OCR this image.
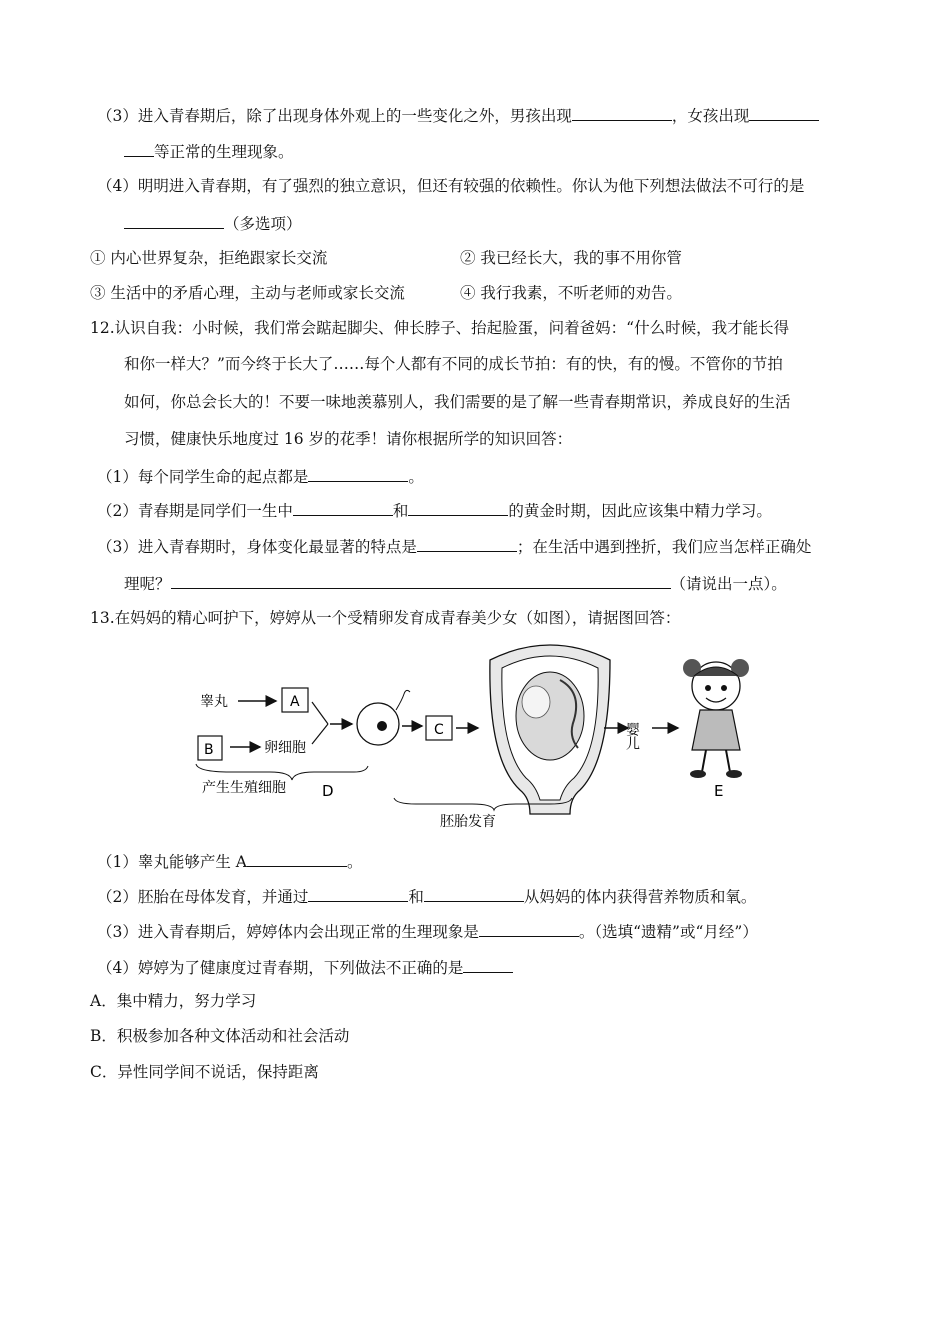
（3）进入青春期后，除了出现身体外观上的一些变化之外，男孩出现	，女孩出现
等正常的生理现象。
（4）明明进入青春期，有了强烈的独立意识，但还有较强的依赖性。你认为他下列想法做法不可行的是
（多选项）
① 内心世界复杂，拒绝跟家长交流	② 我已经长大，我的事不用你管
③ 生活中的矛盾心理，主动与老师或家长交流	④ 我行我素，不听老师的劝告。
12.认识自我：小时候，我们常会踮起脚尖、伸长脖子、抬起脸蛋，问着爸妈：“什么时候，我才能长得
和你一样大？”而今终于长大了……每个人都有不同的成长节拍：有的快，有的慢。不管你的节拍
如何，你总会长大的！不要一味地羡慕别人，我们需要的是了解一些青春期常识，养成良好的生活
习惯，健康快乐地度过 16 岁的花季！请你根据所学的知识回答：
（1）每个同学生命的起点都是	。
（2）青春期是同学们一生中	和	的黄金时期，因此应该集中精力学习。
（3）进入青春期时，身体变化最显著的特点是	；在生活中遇到挫折，我们应当怎样正确处
理呢？	（请说出一点）。
13.在妈妈的精心呵护下，婷婷从一个受精卵发育成青春美少女（如图），请据图回答：
睾丸	A
B	卵细胞
C
产生生殖细胞 D
胚胎发育
婴儿
E
（1）睾丸能够产生 A	。
（2）胚胎在母体发育，并通过	和	从妈妈的体内获得营养物质和氧。
（3）进入青春期后，婷婷体内会出现正常的生理现象是	。（选填“遗精”或“月经”）
（4）婷婷为了健康度过青春期，下列做法不正确的是
A．集中精力，努力学习
B．积极参加各种文体活动和社会活动
C．异性同学间不说话，保持距离
